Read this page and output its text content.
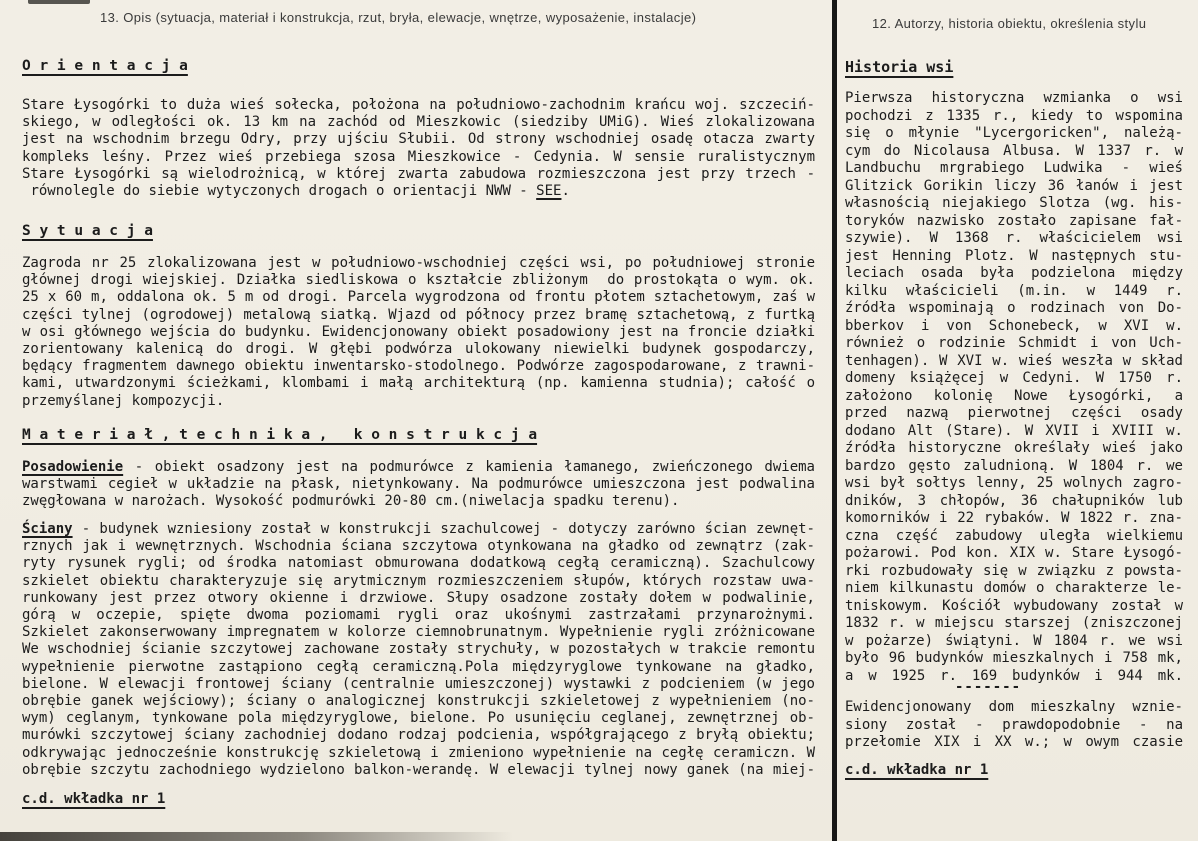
13. Opis (sytuacja, materiał i konstrukcja, rzut, bryła, elewacje, wnętrze, wyposażenie, instalacje)
O r i e n t a c j a
Stare Łysogórki to duża wieś sołecka, położona na południowo-zachodnim krańcu woj. szczeciń-
skiego, w odległości ok. 13 km na zachód od Mieszkowic (siedziby UMiG). Wieś zlokalizowana
jest na wschodnim brzegu Odry, przy ujściu Słubii. Od strony wschodniej osadę otacza zwarty
kompleks leśny. Przez wieś przebiega szosa Mieszkowice - Cedynia. W sensie ruralistycznym
Stare Łysogórki są wielodrożnicą, w której zwarta zabudowa rozmieszczona jest przy trzech -
równolegle do siebie wytyczonych drogach o orientacji NWW - SEE.
S y t u a c j a
Zagroda nr 25 zlokalizowana jest w południowo-wschodniej części wsi, po południowej stronie
głównej drogi wiejskiej. Działka siedliskowa o kształcie zbliżonym  do prostokąta o wym. ok.
25 x 60 m, oddalona ok. 5 m od drogi. Parcela wygrodzona od frontu płotem sztachetowym, zaś w
części tylnej (ogrodowej) metalową siatką. Wjazd od północy przez bramę sztachetową, z furtką
w osi głównego wejścia do budynku. Ewidencjonowany obiekt posadowiony jest na froncie działki
zorientowany kalenicą do drogi. W głębi podwórza ulokowany niewielki budynek gospodarczy,
będący fragmentem dawnego obiektu inwentarsko-stodolnego. Podwórze zagospodarowane, z trawni-
kami, utwardzonymi ścieżkami, klombami i małą architekturą (np. kamienna studnia); całość o
przemyślanej kompozycji.
M a t e r i a ł , t e c h n i k a ,   k o n s t r u k c j a
Posadowienie - obiekt osadzony jest na podmurówce z kamienia łamanego, zwieńczonego dwiema
warstwami cegieł w układzie na płask, nietynkowany. Na podmurówce umieszczona jest podwalina
zwęgłowana w narożach. Wysokość podmurówki 20-80 cm.(niwelacja spadku terenu).
Ściany - budynek wzniesiony został w konstrukcji szachulcowej - dotyczy zarówno ścian zewnęt-
rznych jak i wewnętrznych. Wschodnia ściana szczytowa otynkowana na gładko od zewnątrz (zak-
ryty rysunek rygli; od środka natomiast obmurowana dodatkową cegłą ceramiczną). Szachulcowy
szkielet obiektu charakteryzuje się arytmicznym rozmieszczeniem słupów, których rozstaw uwa-
runkowany jest przez otwory okienne i drzwiowe. Słupy osadzone zostały dołem w podwalinie,
górą w oczepie, spięte dwoma poziomami rygli oraz ukośnymi zastrzałami przynarożnymi.
Szkielet zakonserwowany impregnatem w kolorze ciemnobrunatnym. Wypełnienie rygli zróżnicowane
We wschodniej ścianie szczytowej zachowane zostały strychuły, w pozostałych w trakcie remontu
wypełnienie pierwotne zastąpiono cegłą ceramiczną.Pola międzyryglowe tynkowane na gładko,
bielone. W elewacji frontowej ściany (centralnie umieszczonej) wystawki z podcieniem (w jego
obrębie ganek wejściowy); ściany o analogicznej konstrukcji szkieletowej z wypełnieniem (no-
wym) ceglanym, tynkowane pola międzyryglowe, bielone. Po usunięciu ceglanej, zewnętrznej ob-
murówki szczytowej ściany zachodniej dodano rodzaj podcienia, współgrającego z bryłą obiektu;
odkrywając jednocześnie konstrukcję szkieletową i zmieniono wypełnienie na cegłę ceramiczn. W
obrębie szczytu zachodniego wydzielono balkon-werandę. W elewacji tylnej nowy ganek (na miej-
c.d. wkładka nr 1
12. Autorzy, historia obiektu, określenia stylu
Historia wsi
Pierwsza historyczna wzmianka o wsi
pochodzi z 1335 r., kiedy to wspomina
się o młynie "Lycergoricken", należą-
cym do Nicolausa Albusa. W 1337 r. w
Landbuchu mrgrabiego Ludwika - wieś
Glitzick Gorikin liczy 36 łanów i jest
własnością niejakiego Slotza (wg. his-
toryków nazwisko zostało zapisane fał-
szywie). W 1368 r. właścicielem wsi
jest Henning Plotz. W następnych stu-
leciach osada była podzielona między
kilku właścicieli (m.in. w 1449 r.
źródła wspominają o rodzinach von Do-
bberkov i von Schonebeck, w XVI w.
również o rodzinie Schmidt i von Uch-
tenhagen). W XVI w. wieś weszła w skład
domeny książęcej w Cedyni. W 1750 r.
założono kolonię Nowe Łysogórki, a
przed nazwą pierwotnej części osady
dodano Alt (Stare). W XVII i XVIII w.
źródła historyczne określały wieś jako
bardzo gęsto zaludnioną. W 1804 r. we
wsi był sołtys lenny, 25 wolnych zagro-
dników, 3 chłopów, 36 chałupników lub
komorników i 22 rybaków. W 1822 r. zna-
czna część zabudowy uległa wielkiemu
pożarowi. Pod kon. XIX w. Stare Łysogó-
rki rozbudowały się w związku z powsta-
niem kilkunastu domów o charakterze le-
tniskowym. Kościół wybudowany został w
1832 r. w miejscu starszej (zniszczonej
w pożarze) świątyni. W 1804 r. we wsi
było 96 budynków mieszkalnych i 758 mk,
a w 1925 r. 169 budynków i 944 mk.
-------
Ewidencjonowany dom mieszkalny wznie-
siony został - prawdopodobnie - na
przełomie XIX i XX w.; w owym czasie
c.d. wkładka nr 1
